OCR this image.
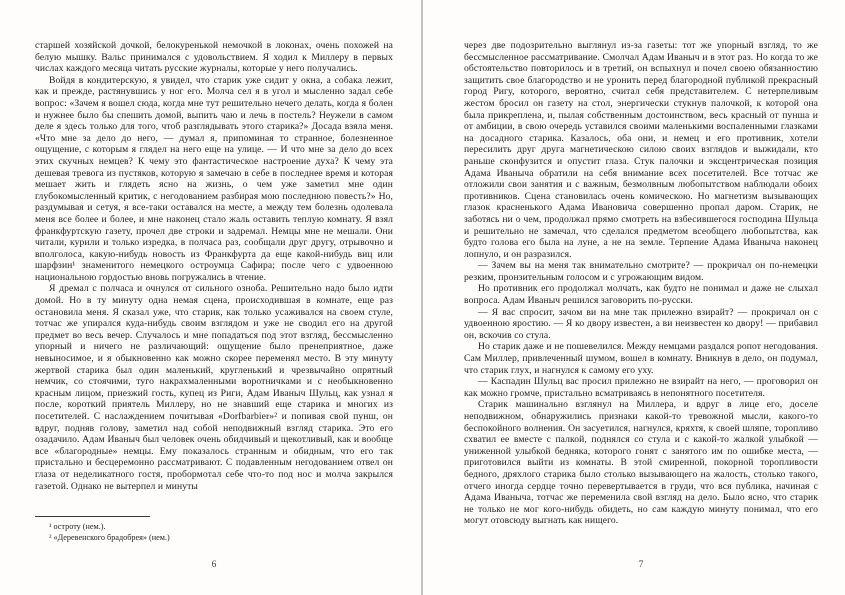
старшей хозяйской дочкой, белокуренькой немочкой в локонах, очень похожей на белую мышку. Вальс принимался с удовольствием. Я ходил к Миллеру в первых числах каждого месяца читать русские журналы, которые у него получались.

Войдя в кондитерскую, я увидел, что старик уже сидит у окна, а собака лежит, как и прежде, растянувшись у ног его. Молча сел я в угол и мысленно задал себе вопрос: «Зачем я вошел сюда, когда мне тут решительно нечего делать, когда я болен и нужнее было бы спешить домой, выпить чаю и лечь в постель? Неужели в самом деле я здесь только для того, чтоб разглядывать этого старика?» Досада взяла меня. «Что мне за дело до него, — думал я, припоминая то странное, болезненное ощущение, с которым я глядел на него еще на улице. — И что мне за дело до всех этих скучных немцев? К чему это фантастическое настроение духа? К чему эта дешевая тревога из пустяков, которую я замечаю в себе в последнее время и которая мешает жить и глядеть ясно на жизнь, о чем уже заметил мне один глубокомысленный критик, с негодованием разбирая мою последнюю повесть?» Но, раздумывая и сетуя, я все-таки оставался на месте, а между тем болезнь одолевала меня все более и более, и мне наконец стало жаль оставить теплую комнату. Я взял франкфуртскую газету, прочел две строки и задремал. Немцы мне не мешали. Они читали, курили и только изредка, в полчаса раз, сообщали друг другу, отрывочно и вполголоса, какую-нибудь новость из Франкфурта да еще какой-нибудь виц или шарфзин¹ знаменитого немецкого остроумца Сафира; после чего с удвоенною национальною гордостью вновь погружались в чтение.

Я дремал с полчаса и очнулся от сильного озноба. Решительно надо было идти домой. Но в ту минуту одна немая сцена, происходившая в комнате, еще раз остановила меня. Я сказал уже, что старик, как только усаживался на своем стуле, тотчас же упирался куда-нибудь своим взглядом и уже не сводил его на другой предмет во весь вечер. Случалось и мне попадаться под этот взгляд, бессмысленно упорный и ничего не различающий: ощущение было пренеприятное, даже невыносимое, и я обыкновенно как можно скорее переменял место. В эту минуту жертвой старика был один маленький, кругленький и чрезвычайно опрятный немчик, со стоячими, туго накрахмаленными воротничками и с необыкновенно красным лицом, приезжий гость, купец из Риги, Адам Иваныч Шульц, как узнал я после, короткий приятель Миллеру, но не знавший еще старика и многих из посетителей. С наслаждением почитывая «Dorfbarbier»² и попивая свой пунш, он вдруг, подняв голову, заметил над собой неподвижный взгляд старика. Это его озадачило. Адам Иваныч был человек очень обидчивый и щекотливый, как и вообще все «благородные» немцы. Ему показалось странным и обидным, что его так пристально и бесцеремонно рассматривают. С подавленным негодованием отвел он глаза от неделикатного гостя, пробормотал себе что-то под нос и молча закрылся газетой. Однако не вытерпел и минуты

¹ остроту (нем.).

² «Деревенского брадобрея» (нем.)

6

через две подозрительно выглянул из-за газеты: тот же упорный взгляд, то же бессмысленное рассматривание. Смолчал Адам Иваныч и в этот раз. Но когда то же обстоятельство повторилось и в третий, он вспыхнул и почел своею обязанностию защитить свое благородство и не уронить перед благородной публикой прекрасный город Ригу, которого, вероятно, считал себя представителем. С нетерпеливым жестом бросил он газету на стол, энергически стукнув палочкой, к которой она была прикреплена, и, пылая собственным достоинством, весь красный от пунша и от амбиции, в свою очередь уставился своими маленькими воспаленными глазками на досадного старика. Казалось, оба они, и немец и его противник, хотели пересилить друг друга магнетическою силою своих взглядов и выжидали, кто раньше сконфузится и опустит глаза. Стук палочки и эксцентрическая позиция Адама Иваныча обратили на себя внимание всех посетителей. Все тотчас же отложили свои занятия и с важным, безмолвным любопытством наблюдали обоих противников. Сцена становилась очень комическою. Но магнетизм вызывающих глазок красненького Адама Ивановича совершенно пропал даром. Старик, не заботясь ни о чем, продолжал прямо смотреть на взбесившегося господина Шульца и решительно не замечал, что сделался предметом всеобщего любопытства, как будто голова его была на луне, а не на земле. Терпение Адама Иваныча наконец лопнуло, и он разразился.

— Зачем вы на меня так внимательно смотрите? — прокричал он по-немецки резким, пронзительным голосом и с угрожающим видом.

Но противник его продолжал молчать, как будто не понимал и даже не слыхал вопроса. Адам Иваныч решился заговорить по-русски.

— Я вас спросит, зачом ви на мне так прилежно взирайт? — прокричал он с удвоенною яростию. — Я ко двору известен, а ви неизвестен ко двору! — прибавил он, вскочив со стула.

Но старик даже и не пошевелился. Между немцами раздался ропот негодования. Сам Миллер, привлеченный шумом, вошел в комнату. Вникнув в дело, он подумал, что старик глух, и нагнулся к самому его уху.

— Каспадин Шульц вас просил прилежно не взирайт на него, — проговорил он как можно громче, пристально всматриваясь в непонятного посетителя.

Старик машинально взглянул на Миллера, и вдруг в лице его, доселе неподвижном, обнаружились признаки какой-то тревожной мысли, какого-то беспокойного волнения. Он засуетился, нагнулся, кряхтя, к своей шляпе, торопливо схватил ее вместе с палкой, поднялся со стула и с какой-то жалкой улыбкой — униженной улыбкой бедняка, которого гонят с занятого им по ошибке места, — приготовился выйти из комнаты. В этой смиренной, покорной торопливости бедного, дряхлого старика было столько вызывающего на жалость, столько такого, отчего иногда сердце точно перевертывается в груди, что вся публика, начиная с Адама Иваныча, тотчас же переменила свой взгляд на дело. Было ясно, что старик не только не мог кого-нибудь обидеть, но сам каждую минуту понимал, что его могут отовсюду выгнать как нищего.

7
